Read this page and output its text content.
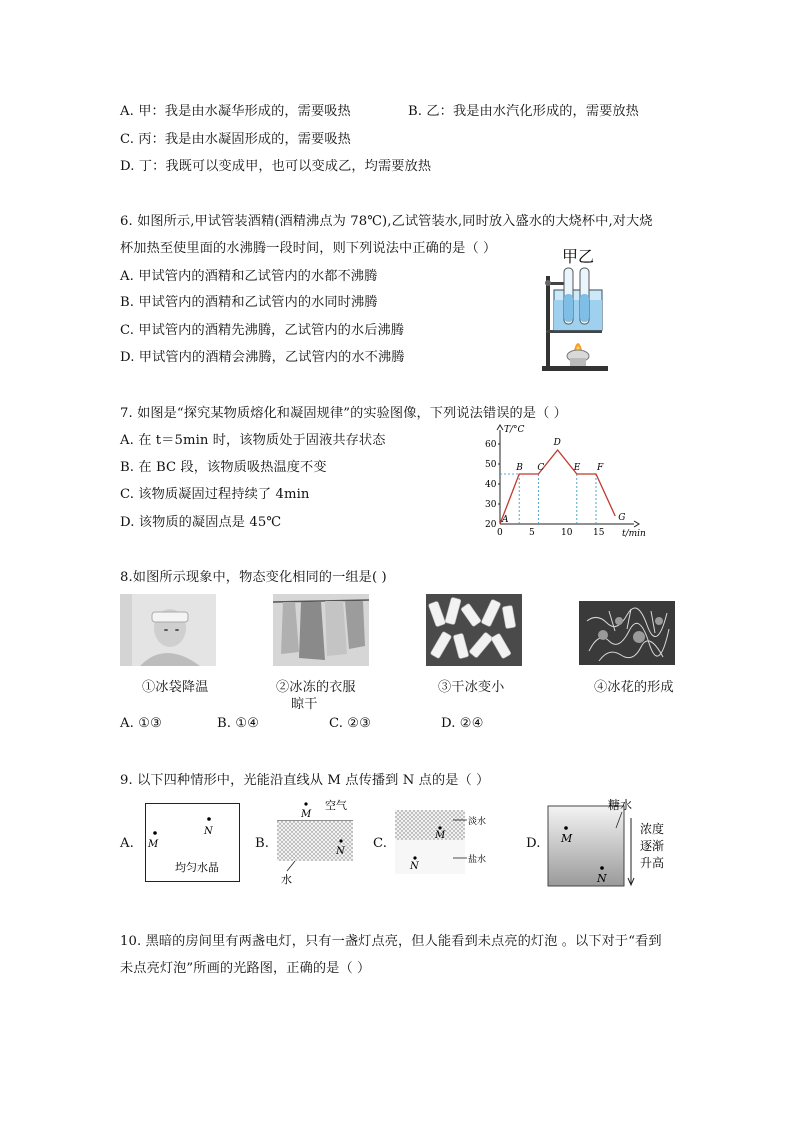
A. 甲：我是由水凝华形成的，需要吸热	B. 乙：我是由水汽化形成的，需要放热
C. 丙：我是由水凝固形成的，需要吸热
D. 丁：我既可以变成甲，也可以变成乙，均需要放热
6. 如图所示,甲试管装酒精(酒精沸点为 78℃),乙试管装水,同时放入盛水的大烧杯中,对大烧
杯加热至使里面的水沸腾一段时间，则下列说法中正确的是（ ）
A. 甲试管内的酒精和乙试管内的水都不沸腾
B. 甲试管内的酒精和乙试管内的水同时沸腾
C. 甲试管内的酒精先沸腾，乙试管内的水后沸腾
D. 甲试管内的酒精会沸腾，乙试管内的水不沸腾
甲乙
7. 如图是“探究某物质熔化和凝固规律”的实验图像，下列说法错误的是（ ）
A. 在 t＝5min 时，该物质处于固液共存状态
B. 在 BC 段，该物质吸热温度不变
C. 该物质凝固过程持续了 4min
D. 该物质的凝固点是 45℃
T/°C
t/min
0	5	10 15
20
30
40
50
60
A
B C
D
E F
G
8.如图所示现象中，物态变化相同的一组是( )
①冰袋降温	②冰冻的衣服
晾干
③干冰变小	④冰花的形成
A. ①③	B. ①④	C. ②③	D. ②④
9. 以下四种情形中，光能沿直线从 M 点传播到 N 点的是（ ）
A. M
N
均匀水晶
B.
M
空气
N
水
C.
M
N
淡水
盐水
D. M
N
糖水
浓度
逐渐
升高
10. 黑暗的房间里有两盏电灯，只有一盏灯点亮，但人能看到未点亮的灯泡 。以下对于“看到
未点亮灯泡”所画的光路图，正确的是（ ）
